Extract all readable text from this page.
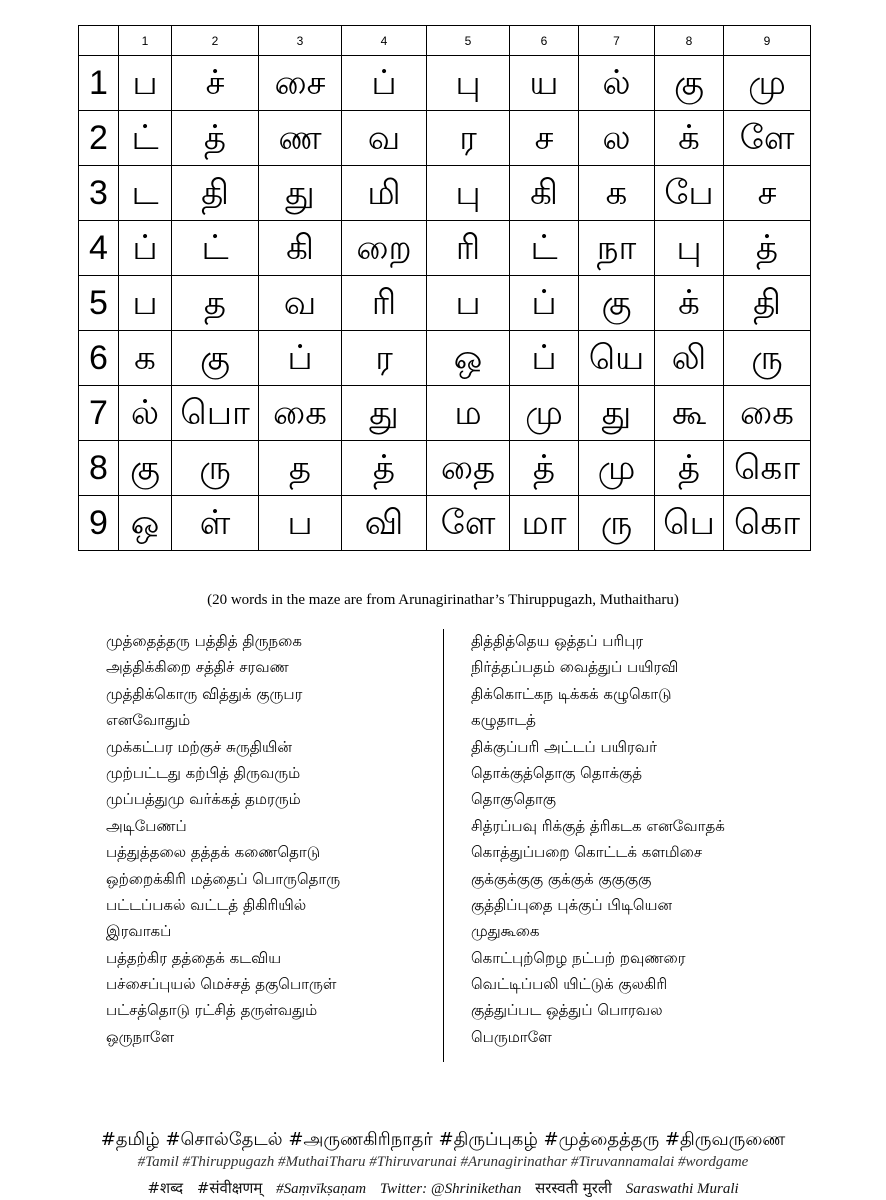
	1	2	3	4	5	6	7	8	9
1	ப	ச்	சை	ப்	பு	ய	ல்	கு	மு
2	ட்	த்	ண	வ	ர	ச	ல	க்	ளே
3	ட	தி	து	மி	பு	கி	க	பே	ச
4	ப்	ட்	கி	றை	ரி	ட்	நா	பு	த்
5	ப	த	வ	ரி	ப	ப்	கு	க்	தி
6	க	கு	ப்	ர	ஒ	ப்	யெ	லி	ரு
7	ல்	பொ	கை	து	ம	மு	து	கூ	கை
8	கு	ரு	த	த்	தை	த்	மு	த்	கொ
9	ஒ	ள்	ப	வி	ளே	மா	ரு	பெ	கொ
(20 words in the maze are from Arunagirinathar’s Thiruppugazh, Muthaitharu)
முத்தைத்தரு பத்தித் திருநகை
அத்திக்கிறை சத்திச் சரவண
முத்திக்கொரு வித்துக் குருபர
எனவோதும்
முக்கட்பர மற்குச் சுருதியின்
முற்பட்டது கற்பித் திருவரும்
முப்பத்துமு வர்க்கத் தமரரும்
அடிபேணப்
பத்துத்தலை தத்தக் கணைதொடு
ஒற்றைக்கிரி மத்தைப் பொருதொரு
பட்டப்பகல் வட்டத் திகிரியில்
இரவாகப்
பத்தற்கிர தத்தைக் கடவிய
பச்சைப்புயல் மெச்சத் தகுபொருள்
பட்சத்தொடு ரட்சித் தருள்வதும்
ஒருநாளே
தித்தித்தெய ஒத்தப் பரிபுர
நிர்த்தப்பதம் வைத்துப் பயிரவி
திக்கொட்கந டிக்கக் கழுகொடு
கழுதாடத்
திக்குப்பரி அட்டப் பயிரவர்
தொக்குத்தொகு தொக்குத்
தொகுதொகு
சித்ரப்பவு ரிக்குத் த்ரிகடக எனவோதக்
கொத்துப்பறை கொட்டக் களமிசை
குக்குக்குகு குக்குக் குகுகுகு
குத்திப்புதை புக்குப் பிடியென
முதுகூகை
கொட்புற்றெழ நட்பற் றவுணரை
வெட்டிப்பலி யிட்டுக் குலகிரி
குத்துப்பட ஒத்துப் பொரவல
பெருமாளே
#தமிழ் #சொல்தேடல் #அருணகிரிநாதர் #திருப்புகழ் #முத்தைத்தரு #திருவருணை
#Tamil #Thiruppugazh #MuthaiTharu #Thiruvarunai #Arunagirinathar #Tiruvannamalai #wordgame
#शब्द #संवीक्षणम् #Saṃvīkṣaṇam Twitter: @Shrinikethan सरस्वती मुरली Saraswathi Murali
